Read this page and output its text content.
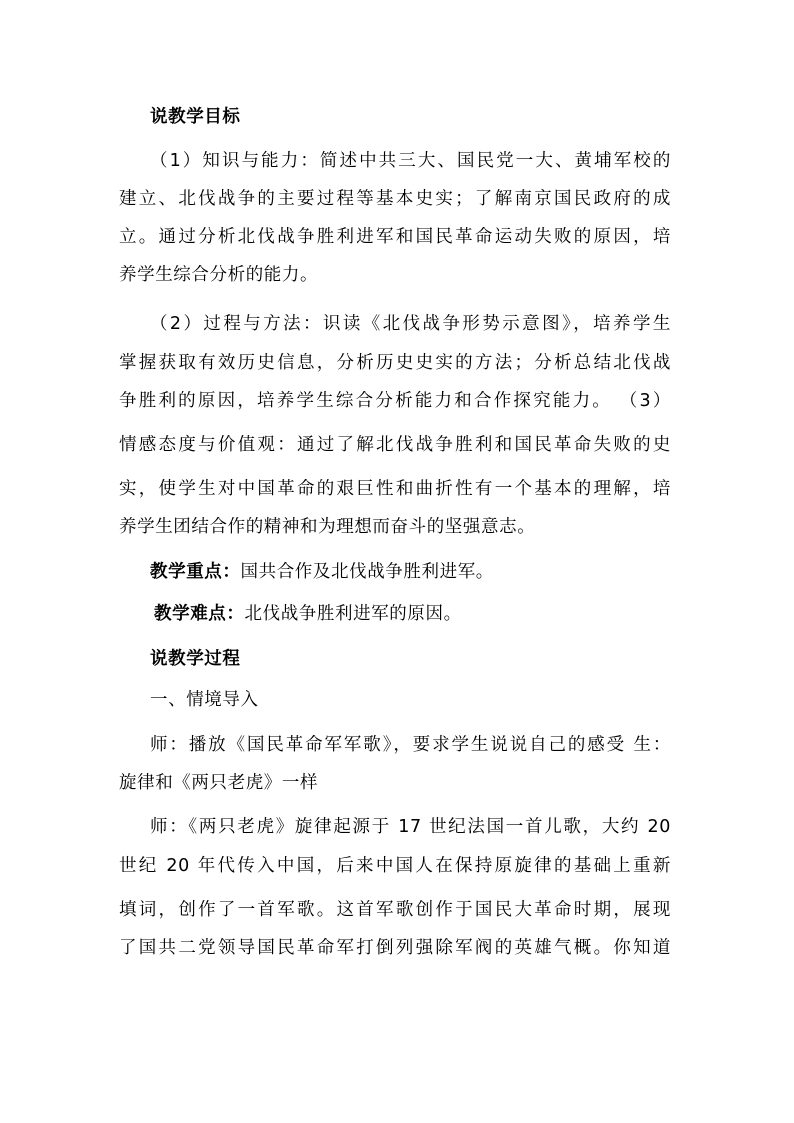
说教学目标
（1）知识与能力：简述中共三大、国民党一大、黄埔军校的
建立、北伐战争的主要过程等基本史实；了解南京国民政府的成
立。通过分析北伐战争胜利进军和国民革命运动失败的原因，培
养学生综合分析的能力。
（2）过程与方法：识读《北伐战争形势示意图》，培养学生
掌握获取有效历史信息，分析历史史实的方法；分析总结北伐战
争胜利的原因，培养学生综合分析能力和合作探究能力。 （3）
情感态度与价值观：通过了解北伐战争胜利和国民革命失败的史
实，使学生对中国革命的艰巨性和曲折性有一个基本的理解，培
养学生团结合作的精神和为理想而奋斗的坚强意志。
教学重点：国共合作及北伐战争胜利进军。
教学难点：北伐战争胜利进军的原因。
说教学过程
一、情境导入
师：播放《国民革命军军歌》，要求学生说说自己的感受 生：
旋律和《两只老虎》一样
师：《两只老虎》旋律起源于 17 世纪法国一首儿歌，大约 20
世纪 20 年代传入中国，后来中国人在保持原旋律的基础上重新
填词，创作了一首军歌。这首军歌创作于国民大革命时期，展现
了国共二党领导国民革命军打倒列强除军阀的英雄气概。你知道
